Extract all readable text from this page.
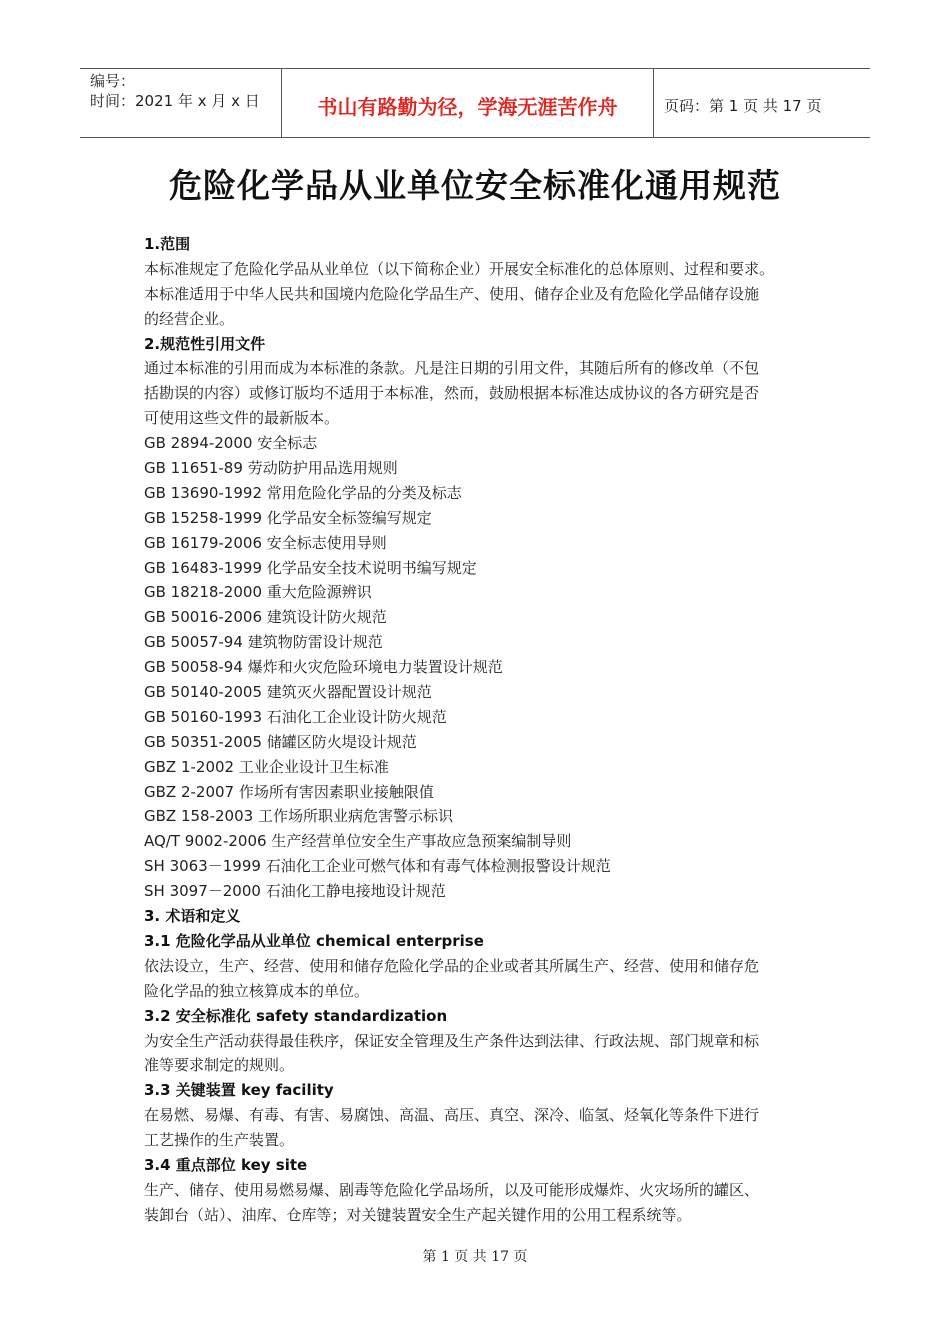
编号：
时间：2021 年 x 月 x 日	书山有路勤为径，学海无涯苦作舟	页码：第 1 页 共 17 页
危险化学品从业单位安全标准化通用规范
1.范围
本标准规定了危险化学品从业单位（以下简称企业）开展安全标准化的总体原则、过程和要求。
本标准适用于中华人民共和国境内危险化学品生产、使用、储存企业及有危险化学品储存设施
的经营企业。
2.规范性引用文件
通过本标准的引用而成为本标准的条款。凡是注日期的引用文件，其随后所有的修改单（不包
括勘误的内容）或修订版均不适用于本标准，然而，鼓励根据本标准达成协议的各方研究是否
可使用这些文件的最新版本。
GB 2894-2000 安全标志
GB 11651-89 劳动防护用品选用规则
GB 13690-1992 常用危险化学品的分类及标志
GB 15258-1999 化学品安全标签编写规定
GB 16179-2006 安全标志使用导则
GB 16483-1999 化学品安全技术说明书编写规定
GB 18218-2000 重大危险源辨识
GB 50016-2006 建筑设计防火规范
GB 50057-94 建筑物防雷设计规范
GB 50058-94 爆炸和火灾危险环境电力装置设计规范
GB 50140-2005 建筑灭火器配置设计规范
GB 50160-1993 石油化工企业设计防火规范
GB 50351-2005 储罐区防火堤设计规范
GBZ 1-2002 工业企业设计卫生标准
GBZ 2-2007 作场所有害因素职业接触限值
GBZ 158-2003 工作场所职业病危害警示标识
AQ/T 9002-2006 生产经营单位安全生产事故应急预案编制导则
SH 3063－1999 石油化工企业可燃气体和有毒气体检测报警设计规范
SH 3097－2000 石油化工静电接地设计规范
3. 术语和定义
3.1 危险化学品从业单位 chemical enterprise
依法设立，生产、经营、使用和储存危险化学品的企业或者其所属生产、经营、使用和储存危
险化学品的独立核算成本的单位。
3.2 安全标准化 safety standardization
为安全生产活动获得最佳秩序，保证安全管理及生产条件达到法律、行政法规、部门规章和标
准等要求制定的规则。
3.3 关键装置 key facility
在易燃、易爆、有毒、有害、易腐蚀、高温、高压、真空、深冷、临氢、烃氧化等条件下进行
工艺操作的生产装置。
3.4 重点部位 key site
生产、储存、使用易燃易爆、剧毒等危险化学品场所，以及可能形成爆炸、火灾场所的罐区、
装卸台（站）、油库、仓库等；对关键装置安全生产起关键作用的公用工程系统等。
第 1 页 共 17 页
